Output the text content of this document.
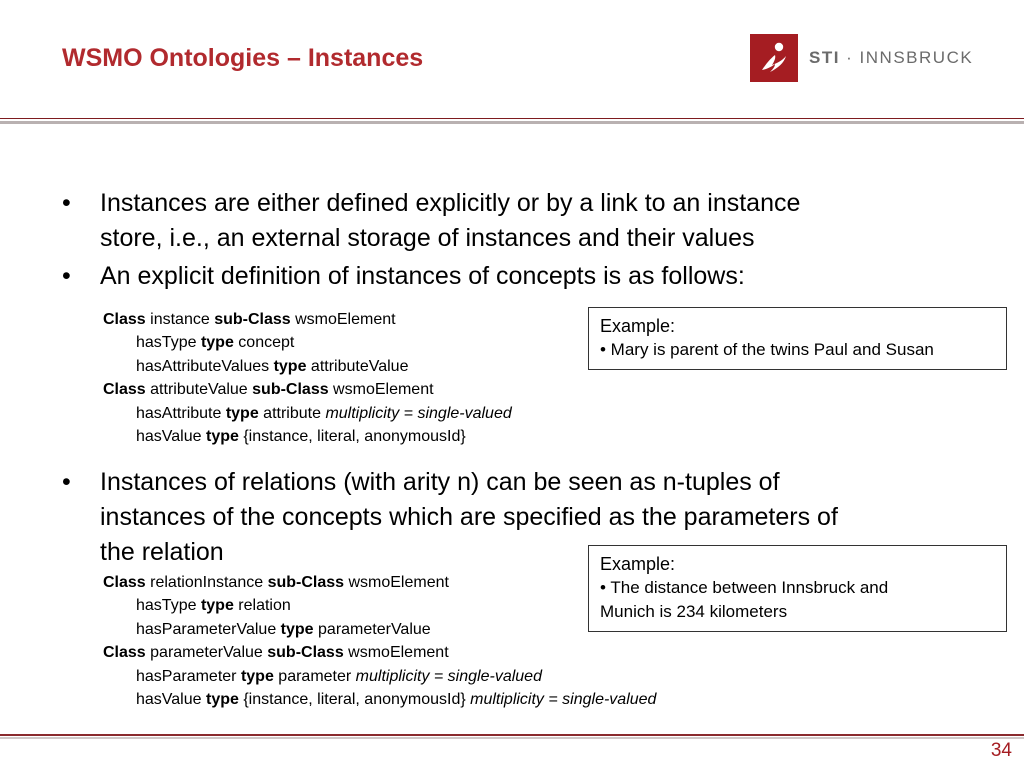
WSMO Ontologies – Instances	STI · INNSBRUCK
• Instances are either defined explicitly or by a link to an instance
store, i.e., an external storage of instances and their values
• An explicit definition of instances of concepts is as follows:
Class instance sub-Class wsmoElement
hasType type concept
hasAttributeValues type attributeValue
Class attributeValue sub-Class wsmoElement
hasAttribute type attribute multiplicity = single-valued
hasValue type {instance, literal, anonymousId}
Example:
• Mary is parent of the twins Paul and Susan
• Instances of relations (with arity n) can be seen as n-tuples of
instances of the concepts which are specified as the parameters of
the relation	Example:
• The distance between Innsbruck and
Munich is 234 kilometers
Class relationInstance sub-Class wsmoElement
hasType type relation
hasParameterValue type parameterValue
Class parameterValue sub-Class wsmoElement
hasParameter type parameter multiplicity = single-valued
hasValue type {instance, literal, anonymousId} multiplicity = single-valued
34
